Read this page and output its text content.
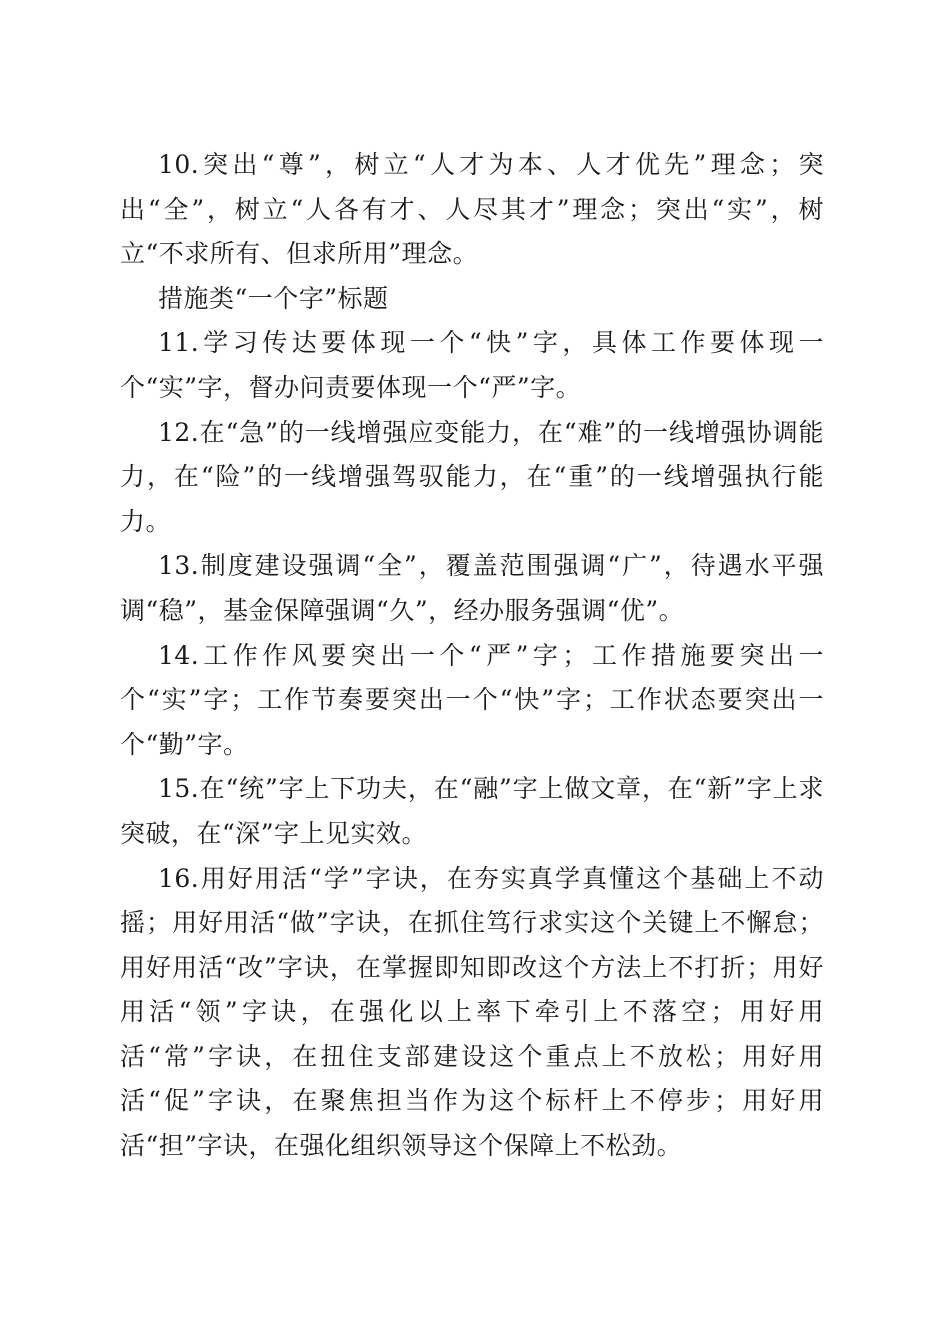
10.突出“尊”，树立“人才为本、人才优先”理念；突出“全”，树立“人各有才、人尽其才”理念；突出“实”，树立“不求所有、但求所用”理念。

措施类“一个字”标题

11.学习传达要体现一个“快”字，具体工作要体现一个“实”字，督办问责要体现一个“严”字。

12.在“急”的一线增强应变能力，在“难”的一线增强协调能力，在“险”的一线增强驾驭能力，在“重”的一线增强执行能力。

13.制度建设强调“全”，覆盖范围强调“广”，待遇水平强调“稳”，基金保障强调“久”，经办服务强调“优”。

14.工作作风要突出一个“严”字；工作措施要突出一个“实”字；工作节奏要突出一个“快”字；工作状态要突出一个“勤”字。

15.在“统”字上下功夫，在“融”字上做文章，在“新”字上求突破，在“深”字上见实效。

16.用好用活“学”字诀，在夯实真学真懂这个基础上不动摇；用好用活“做”字诀，在抓住笃行求实这个关键上不懈怠；用好用活“改”字诀，在掌握即知即改这个方法上不打折；用好用活“领”字诀，在强化以上率下牵引上不落空；用好用活“常”字诀，在扭住支部建设这个重点上不放松；用好用活“促”字诀，在聚焦担当作为这个标杆上不停步；用好用活“担”字诀，在强化组织领导这个保障上不松劲。
